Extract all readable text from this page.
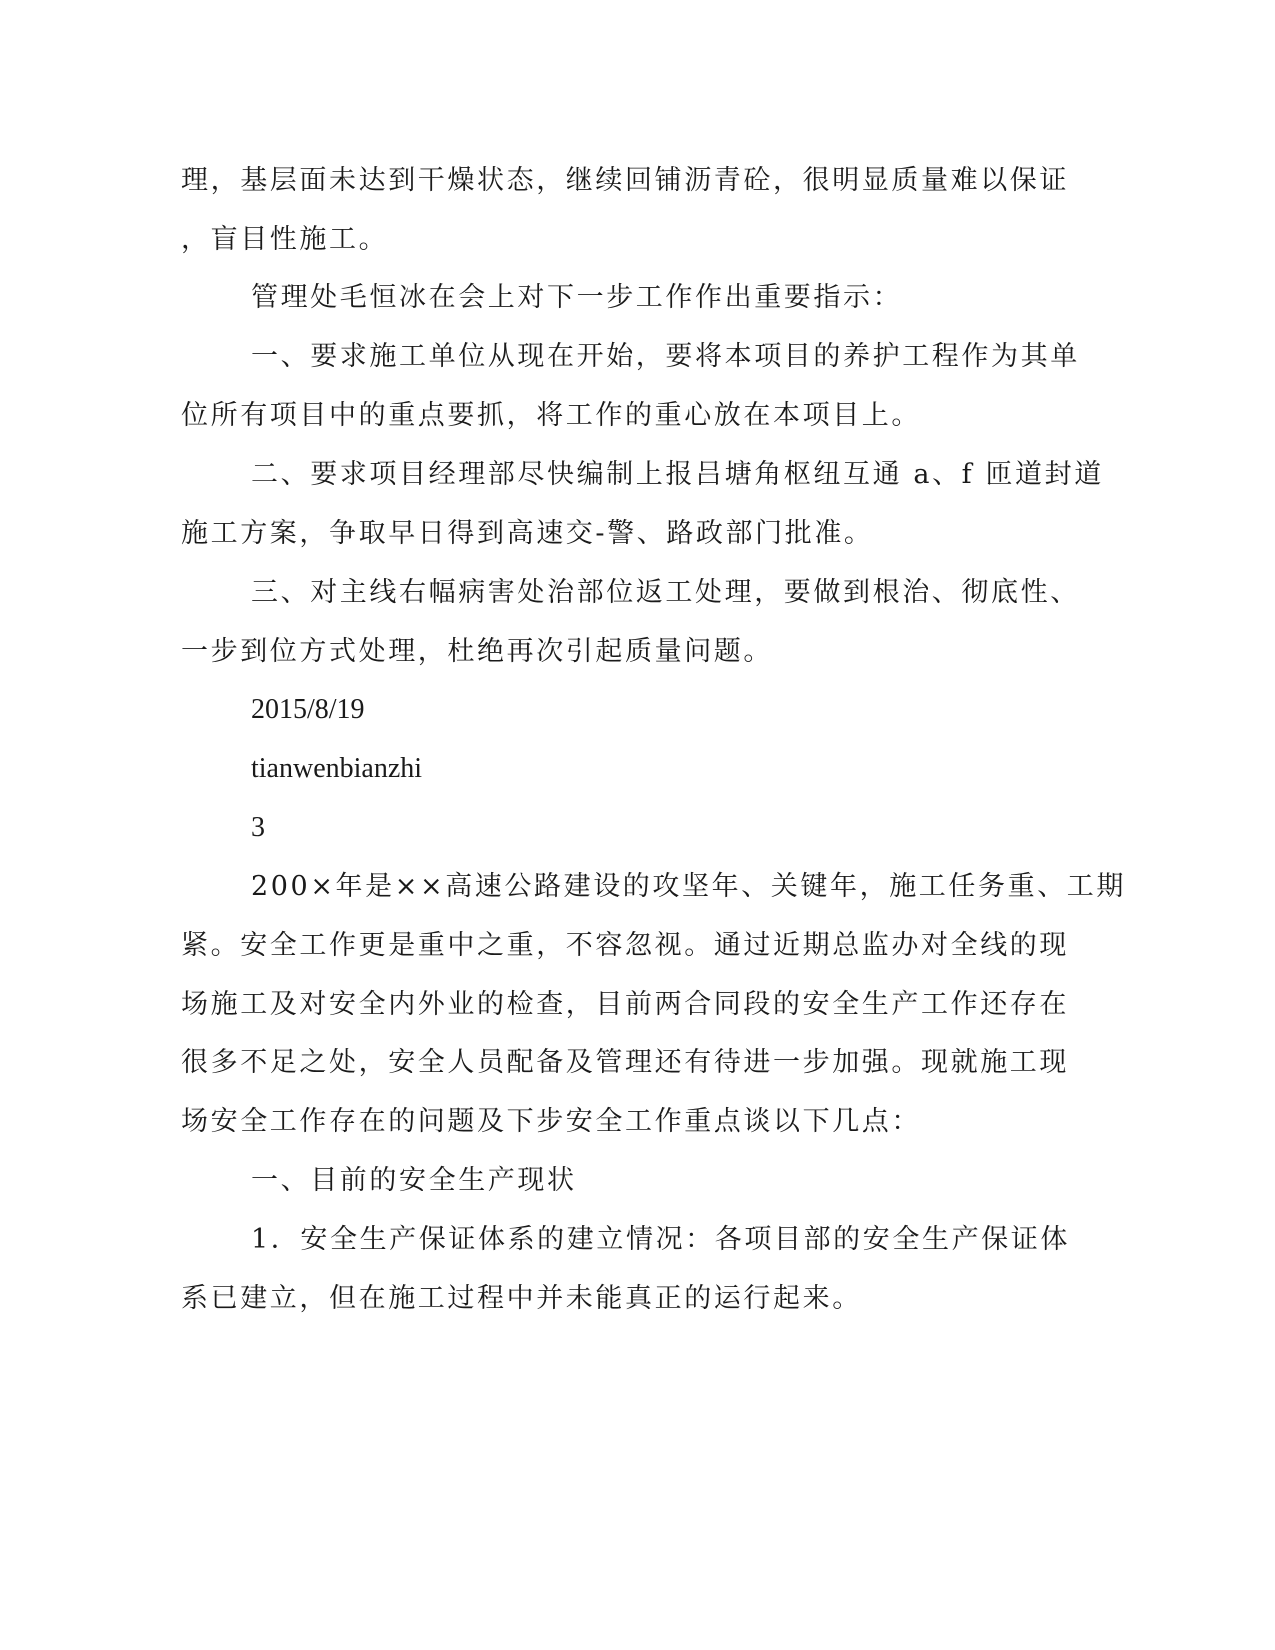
理，基层面未达到干燥状态，继续回铺沥青砼，很明显质量难以保证
，盲目性施工。
管理处毛恒冰在会上对下一步工作作出重要指示：
一、要求施工单位从现在开始，要将本项目的养护工程作为其单
位所有项目中的重点要抓，将工作的重心放在本项目上。
二、要求项目经理部尽快编制上报吕塘角枢纽互通 a、f 匝道封道
施工方案，争取早日得到高速交-警、路政部门批准。
三、对主线右幅病害处治部位返工处理，要做到根治、彻底性、
一步到位方式处理，杜绝再次引起质量问题。
2015/8/19
tianwenbianzhi
3
200×年是××高速公路建设的攻坚年、关键年，施工任务重、工期
紧。安全工作更是重中之重，不容忽视。通过近期总监办对全线的现
场施工及对安全内外业的检查，目前两合同段的安全生产工作还存在
很多不足之处，安全人员配备及管理还有待进一步加强。现就施工现
场安全工作存在的问题及下步安全工作重点谈以下几点：
一、目前的安全生产现状
1．安全生产保证体系的建立情况：各项目部的安全生产保证体
系已建立，但在施工过程中并未能真正的运行起来。
